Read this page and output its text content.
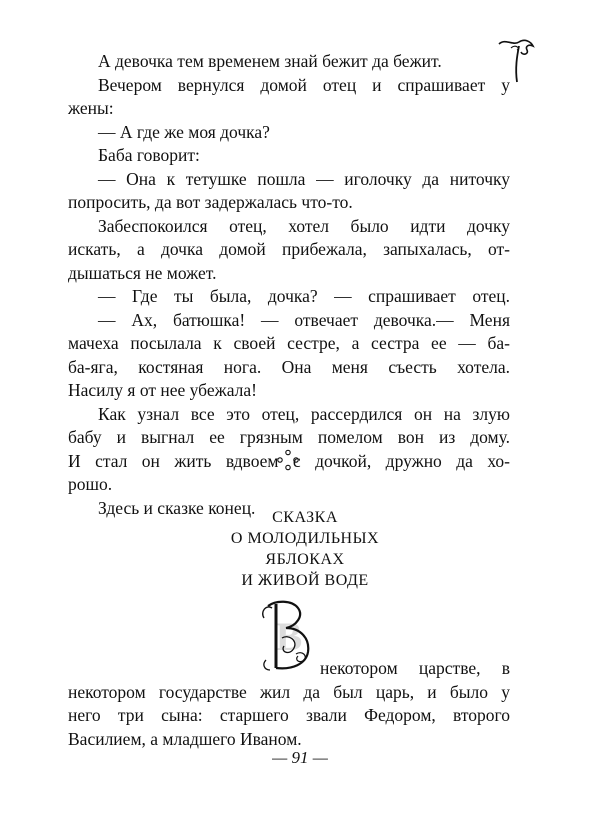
А девочка тем временем знай бежит да бежит.
Вечером вернулся домой отец и спрашивает у
жены:
— А где же моя дочка?
Баба говорит:
— Она к тетушке пошла — иголочку да ниточку
попросить, да вот задержалась что-то.
Забеспокоился отец, хотел было идти дочку
искать, а дочка домой прибежала, запыхалась, от-
дышаться не может.
— Где ты была, дочка? — спрашивает отец.
— Ах, батюшка! — отвечает девочка.— Меня
мачеха посылала к своей сестре, а сестра ее — ба-
ба-яга, костяная нога. Она меня съесть хотела.
Насилу я от нее убежала!
Как узнал все это отец, рассердился он на злую
бабу и выгнал ее грязным помелом вон из дому.
И стал он жить вдвоем с дочкой, дружно да хо-
рошо.
Здесь и сказке конец.	СКАЗКА
О МОЛОДИЛЬНЫХ
ЯБЛОКАХ
И ЖИВОЙ ВОДЕ
В
некотором царстве, в
некотором государстве жил да был царь, и было у
него три сына: старшего звали Федором, второго
Василием, а младшего Иваном.
— 91 —
